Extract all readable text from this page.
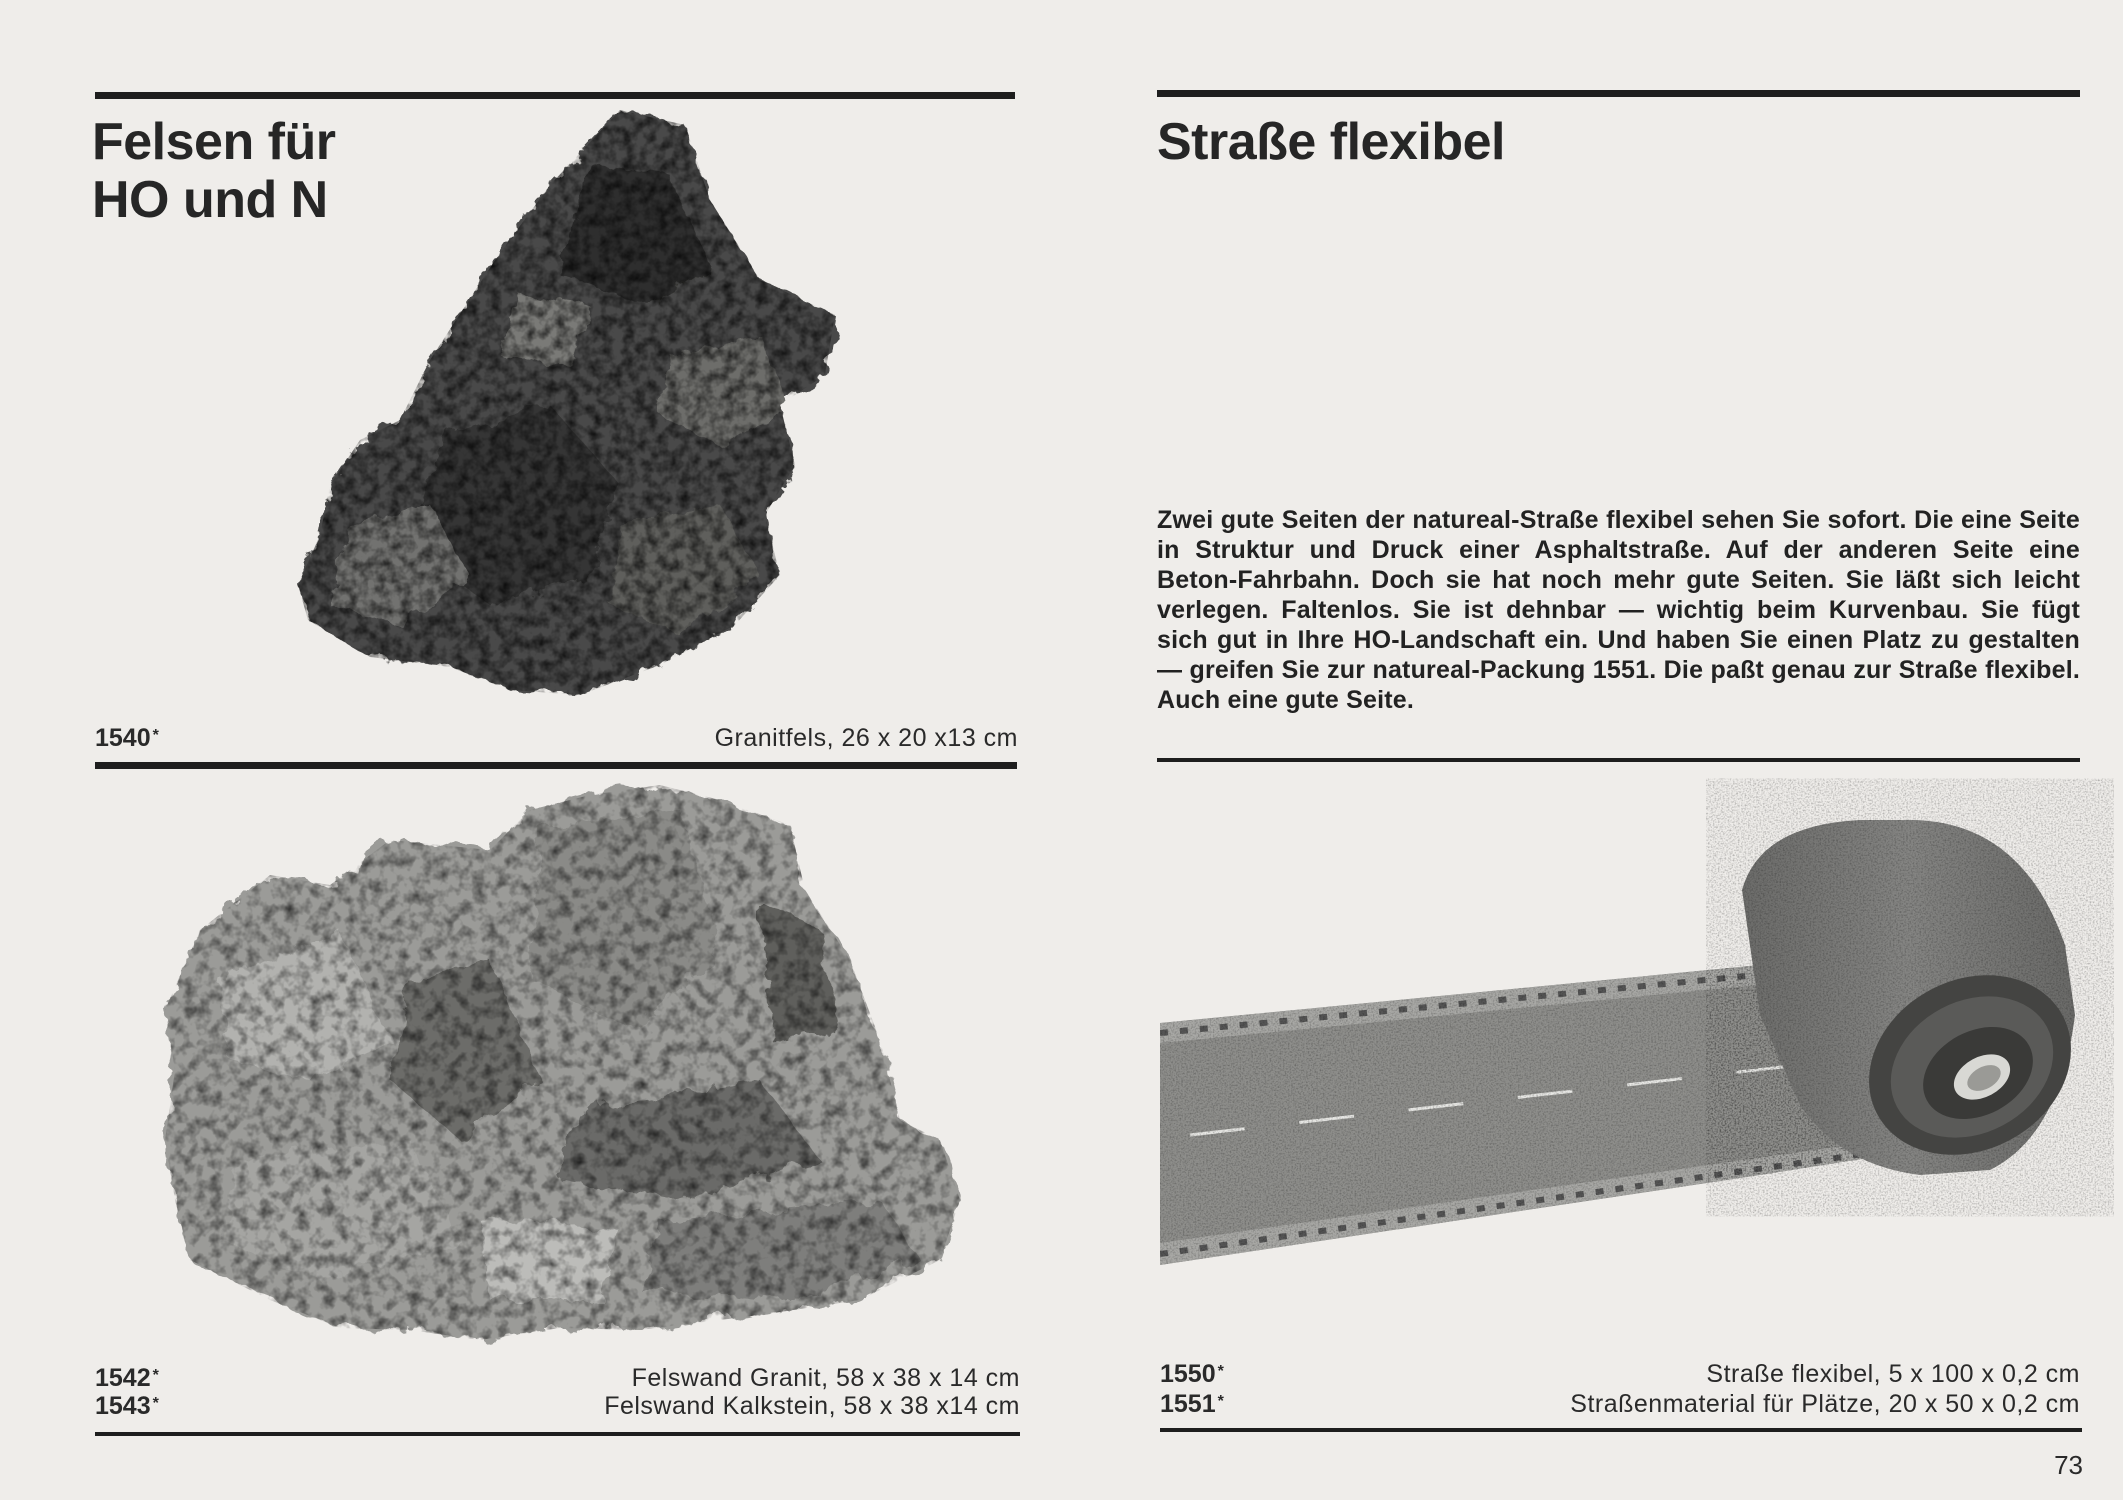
Felsen für
HO und N
1540 *	Granitfels, 26 x 20 x13 cm
1542 *	Felswand Granit, 58 x 38 x 14 cm
1543 *	Felswand Kalkstein, 58 x 38 x14 cm
Straße flexibel

Zwei gute Seiten der natureal-Straße flexibel sehen Sie sofort. Die eine Seite in Struktur und Druck einer Asphaltstraße. Auf der anderen Seite eine Beton-Fahrbahn. Doch sie hat noch mehr gute Seiten. Sie läßt sich leicht verlegen. Faltenlos. Sie ist dehnbar — wichtig beim Kurvenbau. Sie fügt sich gut in Ihre HO-Landschaft ein. Und haben Sie einen Platz zu gestalten — greifen Sie zur natureal-Packung 1551. Die paßt genau zur Straße flexibel. Auch eine gute Seite.

1550 *	Straße flexibel, 5 x 100 x 0,2 cm
1551 *	Straßenmaterial für Plätze, 20 x 50 x 0,2 cm
73
